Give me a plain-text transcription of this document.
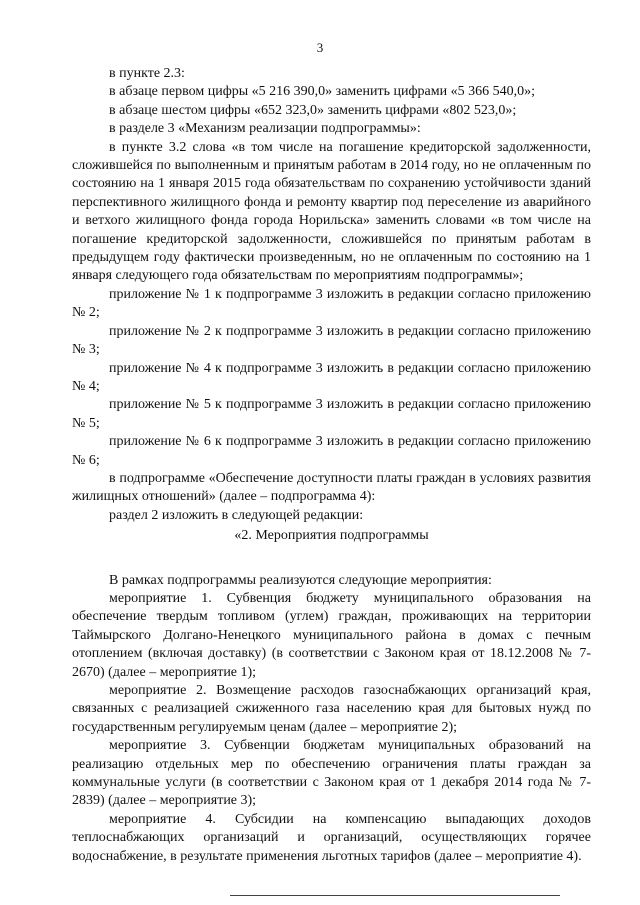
3

в пункте 2.3:

в абзаце первом цифры «5 216 390,0» заменить цифрами «5 366 540,0»;

в абзаце шестом цифры «652 323,0» заменить цифрами «802 523,0»;

в разделе 3 «Механизм реализации подпрограммы»:

в пункте 3.2 слова «в том числе на погашение кредиторской задолженности, сложившейся по выполненным и принятым работам в 2014 году, но не оплаченным по состоянию на 1 января 2015 года обязательствам по сохранению устойчивости зданий перспективного жилищного фонда и ремонту квартир под переселение из аварийного и ветхого жилищного фонда города Норильска» заменить словами «в том числе на погашение кредиторской задолженности, сложившейся по принятым работам в предыдущем году фактически произведенным, но не оплаченным по состоянию на 1 января следующего года обязательствам по мероприятиям подпрограммы»;

приложение № 1 к подпрограмме 3 изложить в редакции согласно приложению № 2;

приложение № 2 к подпрограмме 3 изложить в редакции согласно приложению № 3;

приложение № 4 к подпрограмме 3 изложить в редакции согласно приложению № 4;

приложение № 5 к подпрограмме 3 изложить в редакции согласно приложению № 5;

приложение № 6 к подпрограмме 3 изложить в редакции согласно приложению № 6;

в подпрограмме «Обеспечение доступности платы граждан в условиях развития жилищных отношений» (далее – подпрограмма 4):

раздел 2 изложить в следующей редакции:

«2. Мероприятия подпрограммы

В рамках подпрограммы реализуются следующие мероприятия:

мероприятие 1. Субвенция бюджету муниципального образования на обеспечение твердым топливом (углем) граждан, проживающих на территории Таймырского Долгано-Ненецкого муниципального района в домах с печным отоплением (включая доставку) (в соответствии с Законом края от 18.12.2008 № 7-2670) (далее – мероприятие 1);

мероприятие 2. Возмещение расходов газоснабжающих организаций края, связанных с реализацией сжиженного газа населению края для бытовых нужд по государственным регулируемым ценам (далее – мероприятие 2);

мероприятие 3. Субвенции бюджетам муниципальных образований на реализацию отдельных мер по обеспечению ограничения платы граждан за коммунальные услуги (в соответствии с Законом края от 1 декабря 2014 года № 7-2839) (далее – мероприятие 3);

мероприятие 4. Субсидии на компенсацию выпадающих доходов теплоснабжающих организаций и организаций, осуществляющих горячее водоснабжение, в результате применения льготных тарифов (далее – мероприятие 4).
